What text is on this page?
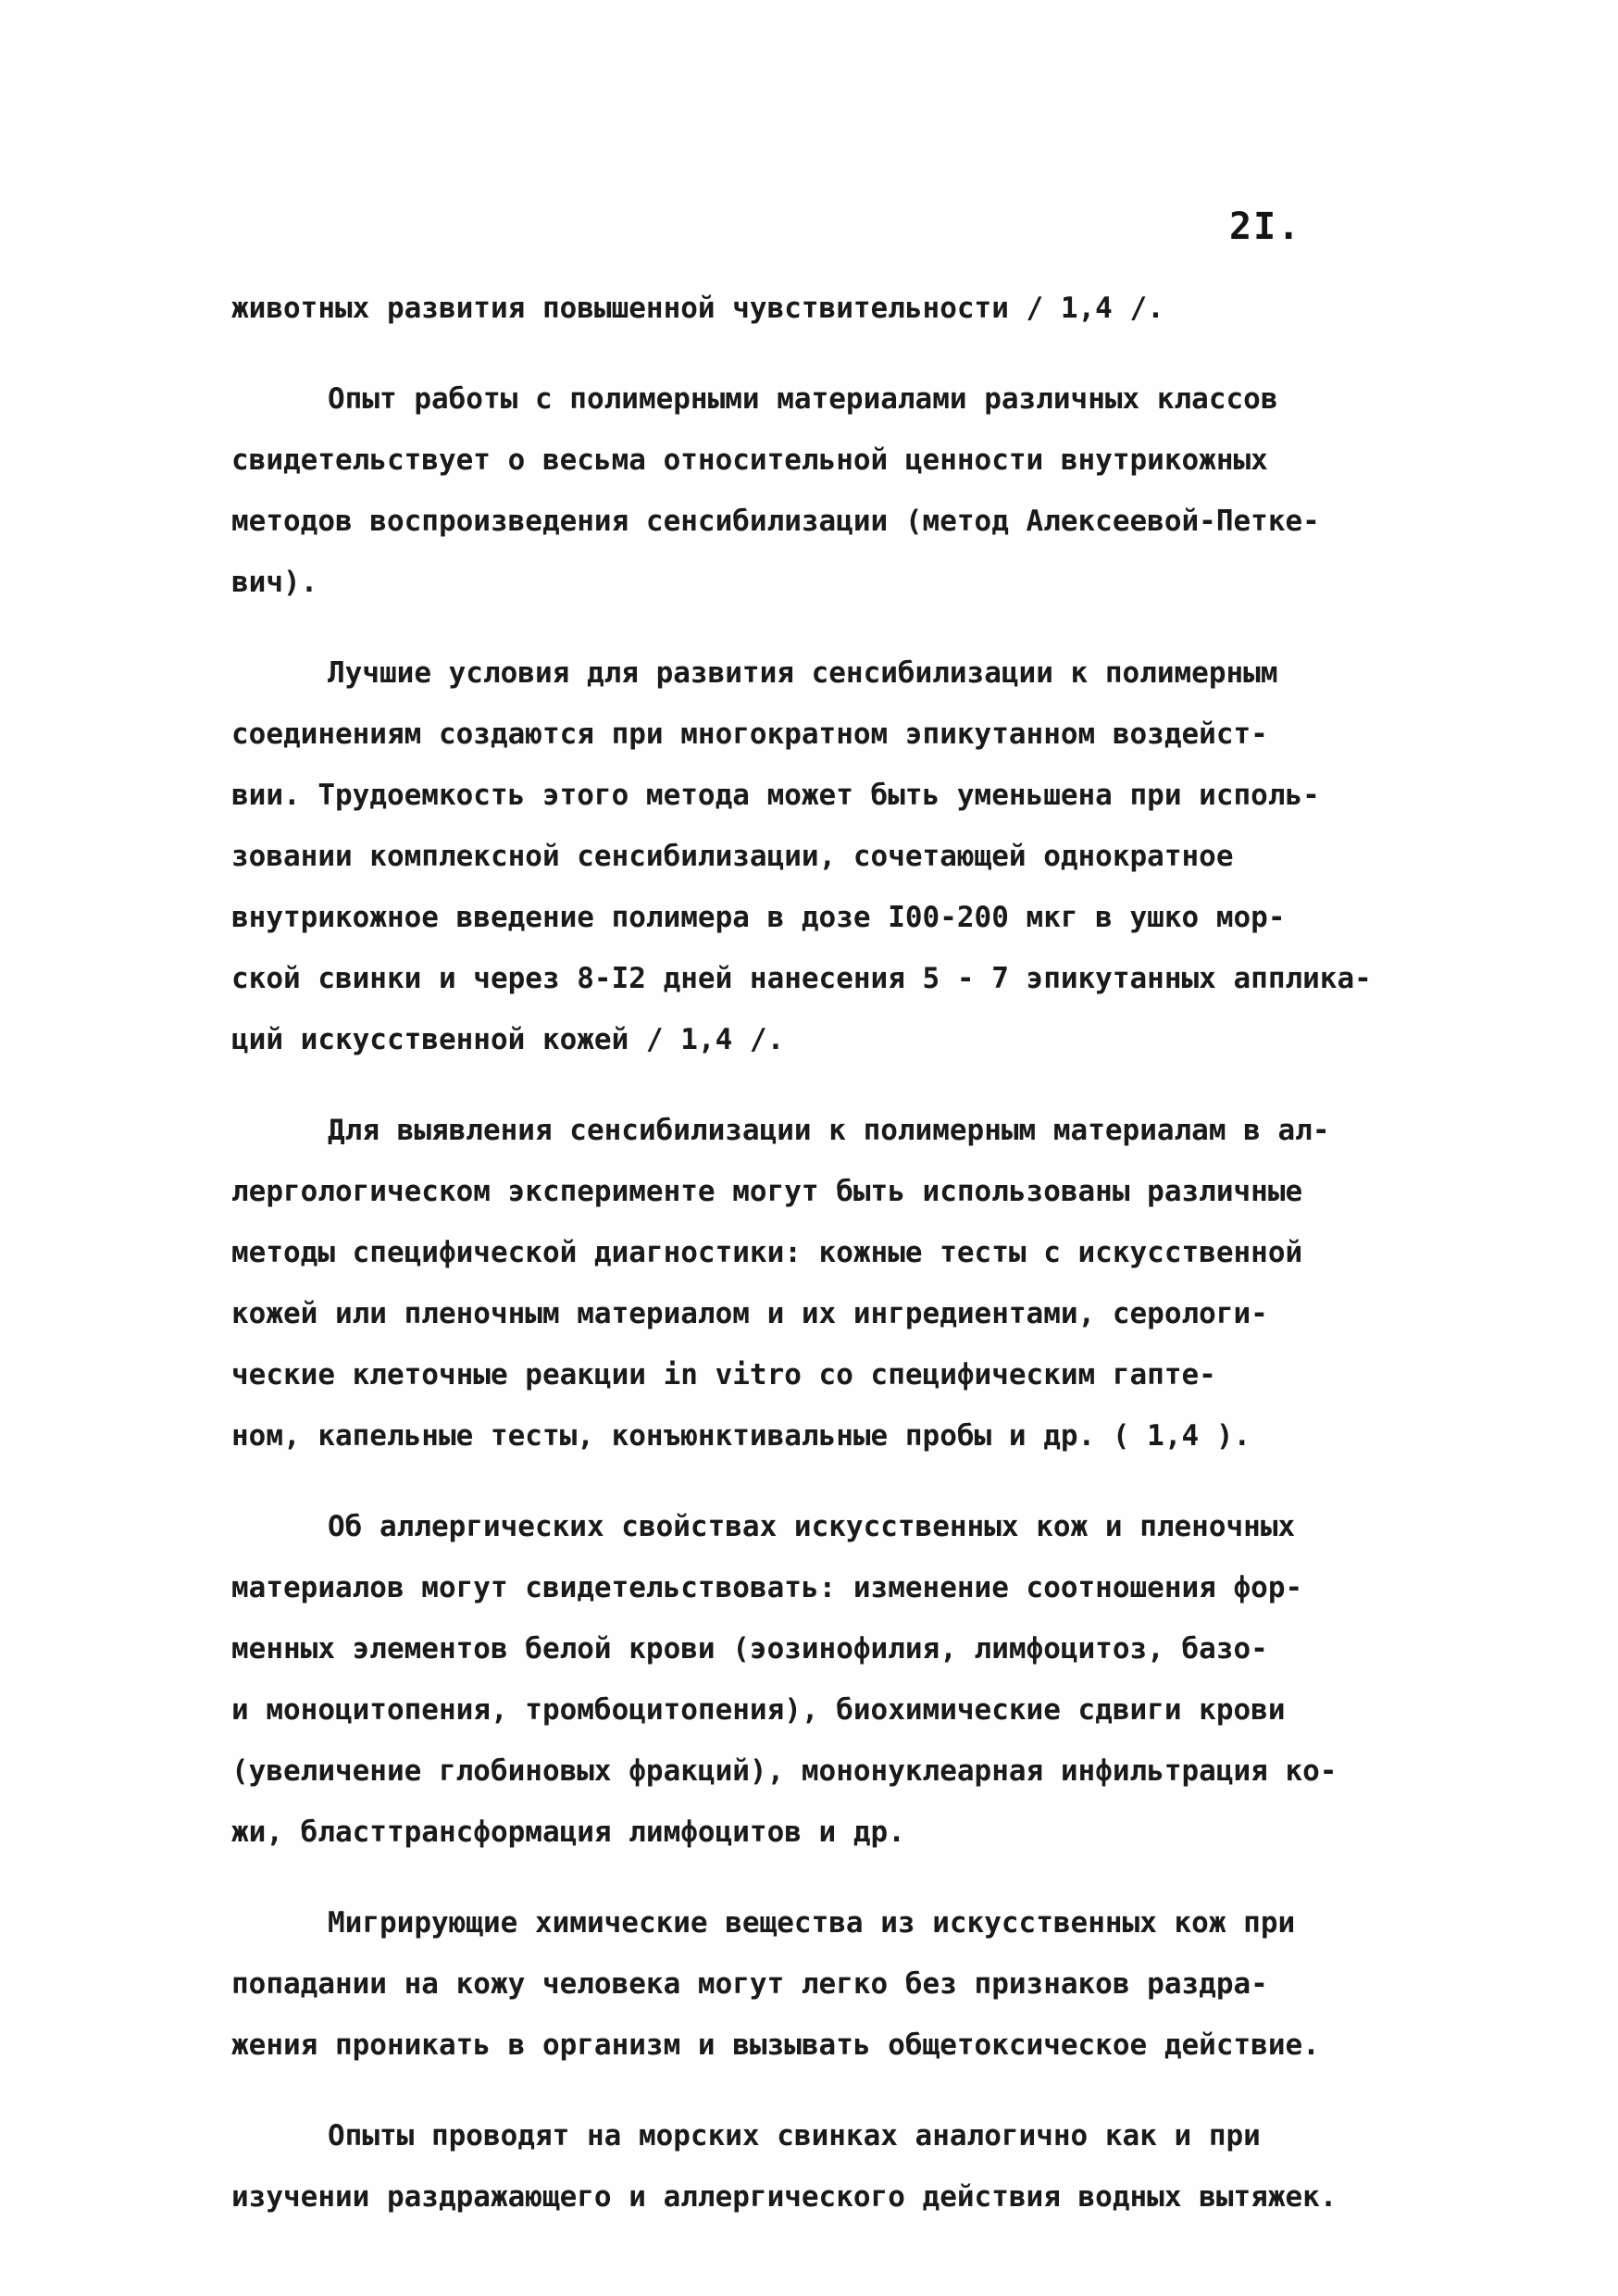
2I.
живoтных развития повышенной чувствительности / 1,4 /.
Опыт работы с полимерными материалами различных классов
свидетельствует о весьма относительной ценности внутрикожных
методов воспроизведения сенсибилизации (метод Алексеевой-Петке-
вич).
Лучшие условия для развития сенсибилизации к полимерным
соединениям создаются при многократном эпикутанном воздейст-
вии. Трудоемкость этого метода может быть уменьшена при исполь-
зовании комплексной сенсибилизации, сочетающей однократное
внутрикожное введение полимера в дозе I00-200 мкг в ушко мор-
ской свинки и через 8-I2 дней нанесения 5 - 7 эпикутанных аппликa-
ций искусственной кожей / 1,4 /.
Для выявления сенсибилизации к полимерным материалам в ал-
лергологическом эксперименте могут быть использованы различные
методы специфической диагностики: кожные тесты с искусственной
кожей или пленочным материалом и их ингредиентами, серологи-
ческие клеточные реакции in vitro со специфическим гапте-
ном, капельные тесты, конъюнктивальные пробы и др. ( 1,4 ).
Об аллергических свойствах искусственных кож и пленочных
материалов могут свидетельствовать: изменение соотношения фор-
менных элементов белой крови (эозинофилия, лимфоцитоз, базо-
и моноцитопения, тромбоцитопения), биохимические сдвиги крови
(увеличение глобиновых фракций), мононуклеарная инфильтрация ко-
жи, бласттрансформация лимфоцитов и др.
Мигрирующие химические вещества из искусственных кож при
попадании на кожу человека могут легко без признаков раздра-
жения проникать в организм и вызывать общетоксическое действие.
Опыты проводят на морских свинках аналогично как и при
изучении раздражающего и аллергического действия водных вытяжек.
